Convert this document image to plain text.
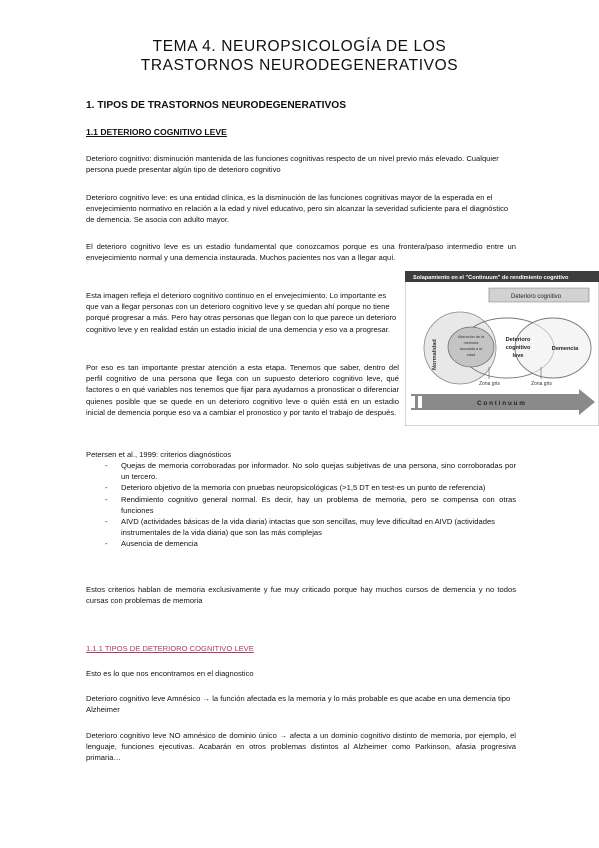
TEMA 4. NEUROPSICOLOGÍA DE LOS
TRASTORNOS NEURODEGENERATIVOS
1. TIPOS DE TRASTORNOS NEURODEGENERATIVOS
1.1 DETERIORO COGNITIVO LEVE

Deterioro cognitivo: disminución mantenida de las funciones cognitivas respecto de un nivel previo más elevado. Cualquier persona puede presentar algún tipo de deterioro cognitivo

Deterioro cognitivo leve: es una entidad clínica, es la disminución de las funciones cognitivas mayor de la esperada en el envejecimiento normativo en relación a la edad y nivel educativo, pero sin alcanzar la severidad suficiente para el diagnóstico de demencia. Se asocia con adulto mayor.

El deterioro cognitivo leve es un estadio fundamental que conozcamos porque es una frontera/paso intermedio entre un envejecimiento normal y una demencia instaurada. Muchos pacientes nos van a llegar aquí.

Esta imagen refleja el deterioro cognitivo continuo en el envejecimiento. Lo importante es que van a llegar personas con un deterioro cognitivo leve y se quedan ahí porque no tiene porqué progresar a más. Pero hay otras personas que llegan con lo que parece un deterioro cognitivo leve y en realidad están un estadio inicial de una demencia y eso va a progresar.

Por eso es tan importante prestar atención a esta etapa. Tenemos que saber, dentro del perfil cognitivo de una persona que llega con un supuesto deterioro cognitivo leve, qué factores o en qué variables nos tenemos que fijar para ayudarnos a pronosticar o diferenciar quienes posible que se quede en un deterioro cognitivo leve o quién está en un estadio inicial de demencia porque eso va a cambiar el pronostico y por tanto el trabajo de después.

Solapamiento en el "Continuum" de rendimiento cognitivo
Deterioro cognitivo
Normalidad
Alteración de la
memoria
asociada a la
edad
Deterioro
cognitivo
leve
Demencia
Zona gris	Zona gris
C o n t i n u u m

Petersen et al., 1999: criterios diagnósticos

- Quejas de memoria corroboradas por informador. No solo quejas subjetivas de una persona, sino corroboradas por un tercero.
- Deterioro objetivo de la memoria con pruebas neuropsicológicas (>1,5 DT en test-es un punto de referencia)
- Rendimiento cognitivo general normal. Es decir, hay un problema de memoria, pero se compensa con otras funciones
- AIVD (actividades básicas de la vida diaria) intactas que son sencillas, muy leve dificultad en AIVD (actividades instrumentales de la vida diaria) que son las más complejas
- Ausencia de demencia

Estos criterios hablan de memoria exclusivamente y fue muy criticado porque hay muchos cursos de demencia y no todos cursas con problemas de memoria

1.1.1 TIPOS DE DETERIORO COGNITIVO LEVE

Esto es lo que nos encontramos en el diagnostico

Deterioro cognitivo leve Amnésico → la función afectada es la memoria y lo más probable es que acabe en una demencia tipo Alzheimer

Deterioro cognitivo leve NO amnésico de dominio único → afecta a un dominio cognitivo distinto de memoria, por ejemplo, el lenguaje, funciones ejecutivas. Acabarán en otros problemas distintos al Alzheimer como Parkinson, afasia progresiva primaria…
